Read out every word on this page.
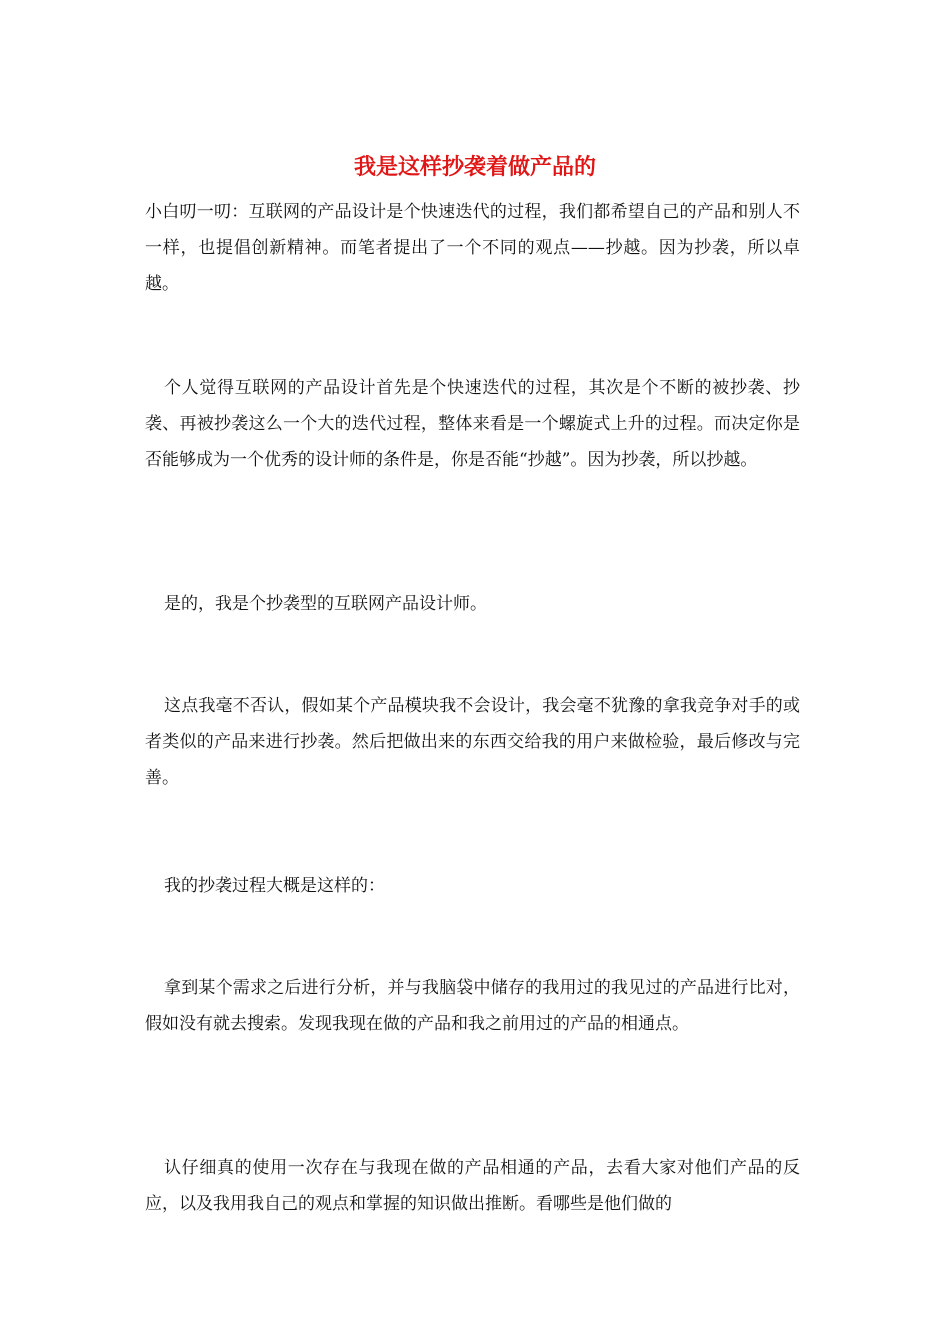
我是这样抄袭着做产品的

小白叨一叨：互联网的产品设计是个快速迭代的过程，我们都希望自己的产品和别人不一样，也提倡创新精神。而笔者提出了一个不同的观点——抄越。因为抄袭，所以卓越。

个人觉得互联网的产品设计首先是个快速迭代的过程，其次是个不断的被抄袭、抄袭、再被抄袭这么一个大的迭代过程，整体来看是一个螺旋式上升的过程。而决定你是否能够成为一个优秀的设计师的条件是，你是否能“抄越”。因为抄袭，所以抄越。

是的，我是个抄袭型的互联网产品设计师。

这点我毫不否认，假如某个产品模块我不会设计，我会毫不犹豫的拿我竞争对手的或者类似的产品来进行抄袭。然后把做出来的东西交给我的用户来做检验，最后修改与完善。

我的抄袭过程大概是这样的：

拿到某个需求之后进行分析，并与我脑袋中储存的我用过的我见过的产品进行比对，假如没有就去搜索。发现我现在做的产品和我之前用过的产品的相通点。

认仔细真的使用一次存在与我现在做的产品相通的产品，去看大家对他们产品的反应，以及我用我自己的观点和掌握的知识做出推断。看哪些是他们做的
